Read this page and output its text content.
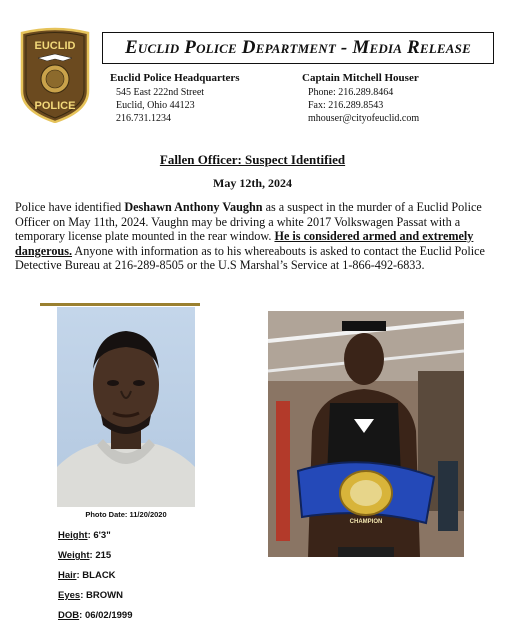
EUCLID
POLICE
Euclid Police Department - Media Release
Euclid Police Headquarters
545 East 222nd Street
Euclid, Ohio 44123
216.731.1234
Captain Mitchell Houser
Phone: 216.289.8464
Fax: 216.289.8543
mhouser@cityofeuclid.com
Fallen Officer: Suspect Identified
May 12th, 2024
Police have identified Deshawn Anthony Vaughn as a suspect in the murder of a Euclid Police Officer on May 11th, 2024. Vaughn may be driving a white 2017 Volkswagen Passat with a temporary license plate mounted in the rear window. He is considered armed and extremely dangerous. Anyone with information as to his whereabouts is asked to contact the Euclid Police Detective Bureau at 216-289-8505 or the U.S Marshal’s Service at 1-866-492-6833.
Photo Date: 11/20/2020
CHAMPION
Height: 6'3"
Weight: 215
Hair: BLACK
Eyes: BROWN
DOB: 06/02/1999
